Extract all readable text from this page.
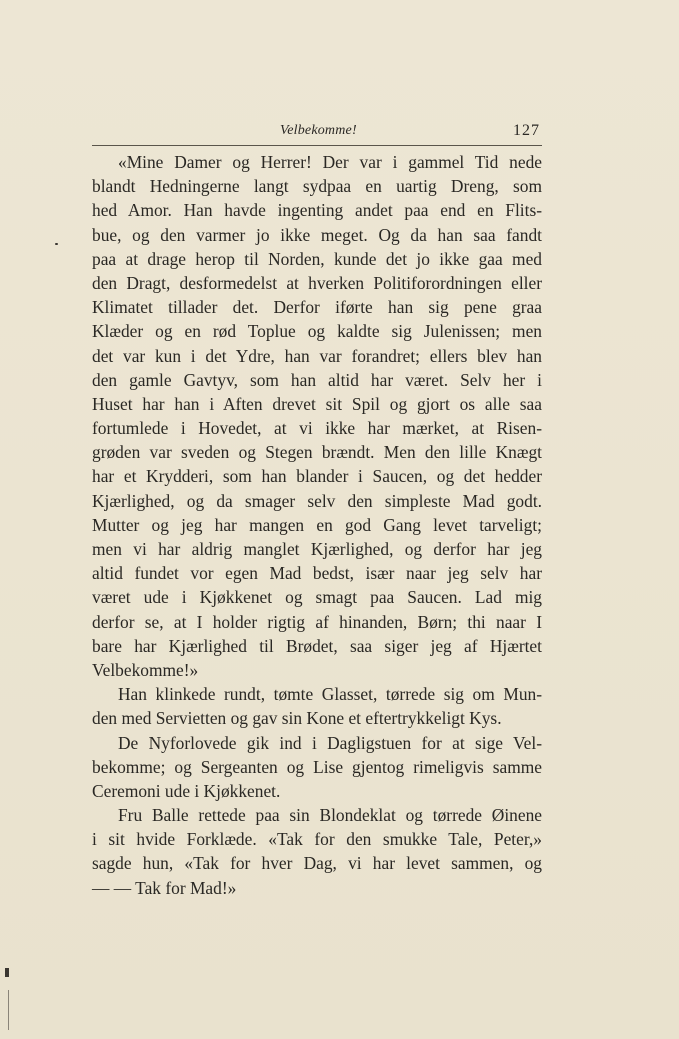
Velbekomme!	127
«Mine Damer og Herrer! Der var i gammel Tid nede
blandt Hedningerne langt sydpaa en uartig Dreng, som
hed Amor. Han havde ingenting andet paa end en Flits-
bue, og den varmer jo ikke meget. Og da han saa fandt
paa at drage herop til Norden, kunde det jo ikke gaa med
den Dragt, desformedelst at hverken Politiforordningen eller
Klimatet tillader det. Derfor iførte han sig pene graa
Klæder og en rød Toplue og kaldte sig Julenissen; men
det var kun i det Ydre, han var forandret; ellers blev han
den gamle Gavtyv, som han altid har været. Selv her i
Huset har han i Aften drevet sit Spil og gjort os alle saa
fortumlede i Hovedet, at vi ikke har mærket, at Risen-
grøden var sveden og Stegen brændt. Men den lille Knægt
har et Krydderi, som han blander i Saucen, og det hedder
Kjærlighed, og da smager selv den simpleste Mad godt.
Mutter og jeg har mangen en god Gang levet tarveligt;
men vi har aldrig manglet Kjærlighed, og derfor har jeg
altid fundet vor egen Mad bedst, især naar jeg selv har
været ude i Kjøkkenet og smagt paa Saucen. Lad mig
derfor se, at I holder rigtig af hinanden, Børn; thi naar I
bare har Kjærlighed til Brødet, saa siger jeg af Hjærtet
Velbekomme!»
Han klinkede rundt, tømte Glasset, tørrede sig om Mun-
den med Servietten og gav sin Kone et eftertrykkeligt Kys.
De Nyforlovede gik ind i Dagligstuen for at sige Vel-
bekomme; og Sergeanten og Lise gjentog rimeligvis samme
Ceremoni ude i Kjøkkenet.
Fru Balle rettede paa sin Blondeklat og tørrede Øinene
i sit hvide Forklæde. «Tak for den smukke Tale, Peter,»
sagde hun, «Tak for hver Dag, vi har levet sammen, og
— — Tak for Mad!»
